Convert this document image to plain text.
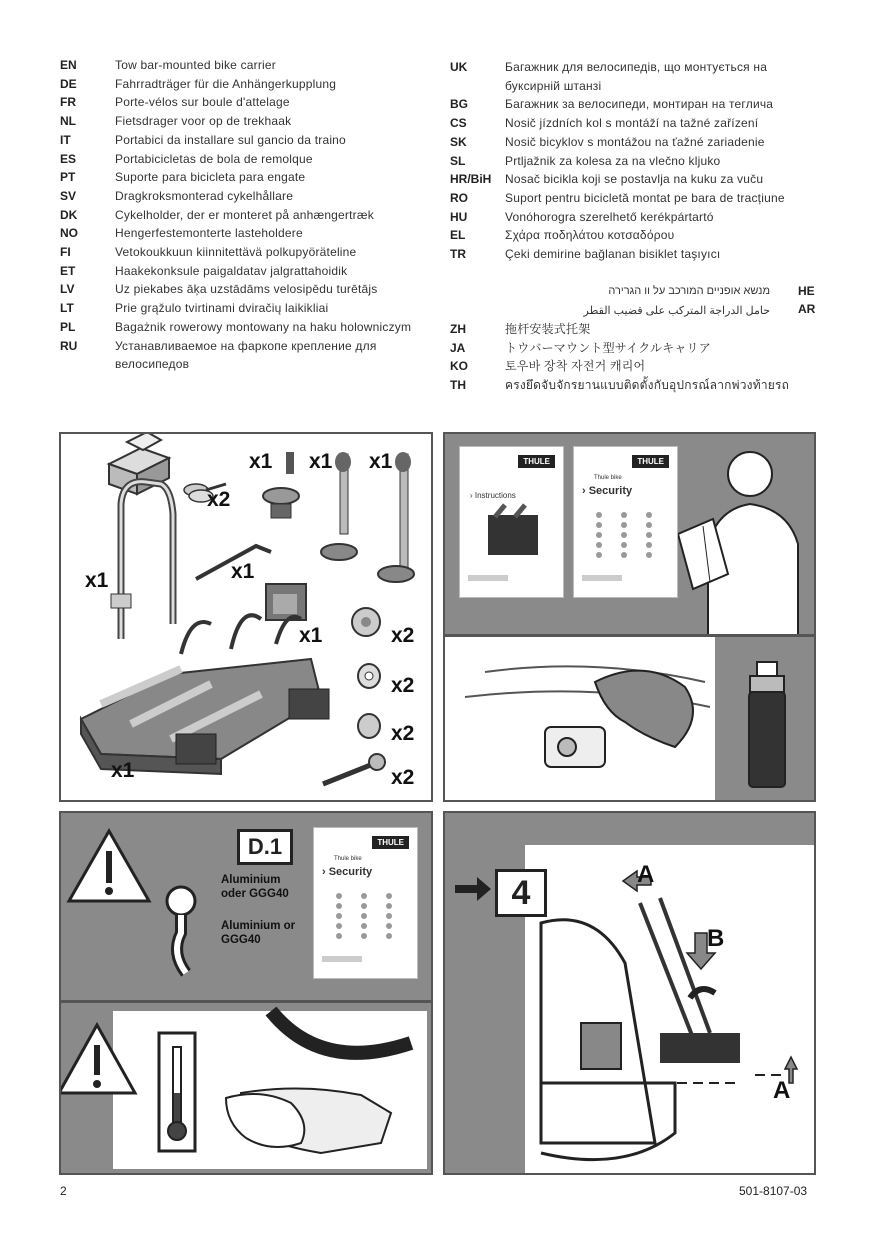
EN	Tow bar-mounted bike carrier
DE	Fahrradträger für die Anhängerkupplung
FR	Porte-vélos sur boule d'attelage
NL	Fietsdrager voor op de trekhaak
IT	Portabici da installare sul gancio da traino
ES	Portabicicletas de bola de remolque
PT	Suporte para bicicleta para engate
SV	Dragkroksmonterad cykelhållare
DK	Cykelholder, der er monteret på anhængertræk
NO	Hengerfestemonterte lasteholdere
FI	Vetokoukkuun kiinnitettävä polkupyöräteline
ET	Haakekonksule paigaldatav jalgrattahoidik
LV	Uz piekabes āķa uzstādāms velosipēdu turētājs
LT	Prie grąžulo tvirtinami dviračių laikikliai
PL	Bagażnik rowerowy montowany na haku holowniczym
RU	Устанавливаемое на фаркопе крепление для велосипедов
UK	Багажник для велосипедів, що монтується на буксирній штанзі
BG	Багажник за велосипеди, монтиран на теглича
CS	Nosič jízdních kol s montáží na tažné zařízení
SK	Nosič bicyklov s montážou na ťažné zariadenie
SL	Prtljažnik za kolesa za na vlečno kljuko
HR/BiH	Nosač bicikla koji se postavlja na kuku za vuču
RO	Suport pentru bicicletă montat pe bara de tracțiune
HU	Vonóhorogra szerelhető kerékpártartó
EL	Σχάρα ποδηλάτου κοτσαδόρου
TR	Çeki demirine bağlanan bisiklet taşıyıcı
מנשא אופניים המורכב על וו הגרירה HE
حامل الدراجة المتركب على قضيب القطر AR
ZH	拖杆安装式托架
JA	トウバーマウント型サイクルキャリア
KO	토우바 장착 자전거 캐리어
TH	ครงยึดจับจักรยานแบบติดตั้งกับอุปกรณ์ลากพ่วงท้ายรถ
x1 x1 x1
x2
x1
x1
x1	x2
x2
x2
x2
x1
THULE
› Instructions
THULE
Thule bike
› Security
D.1
Aluminium oder GGG40
Aluminium or GGG40
THULE
Thule bike
› Security
4	A
B
A
2	501-8107-03
